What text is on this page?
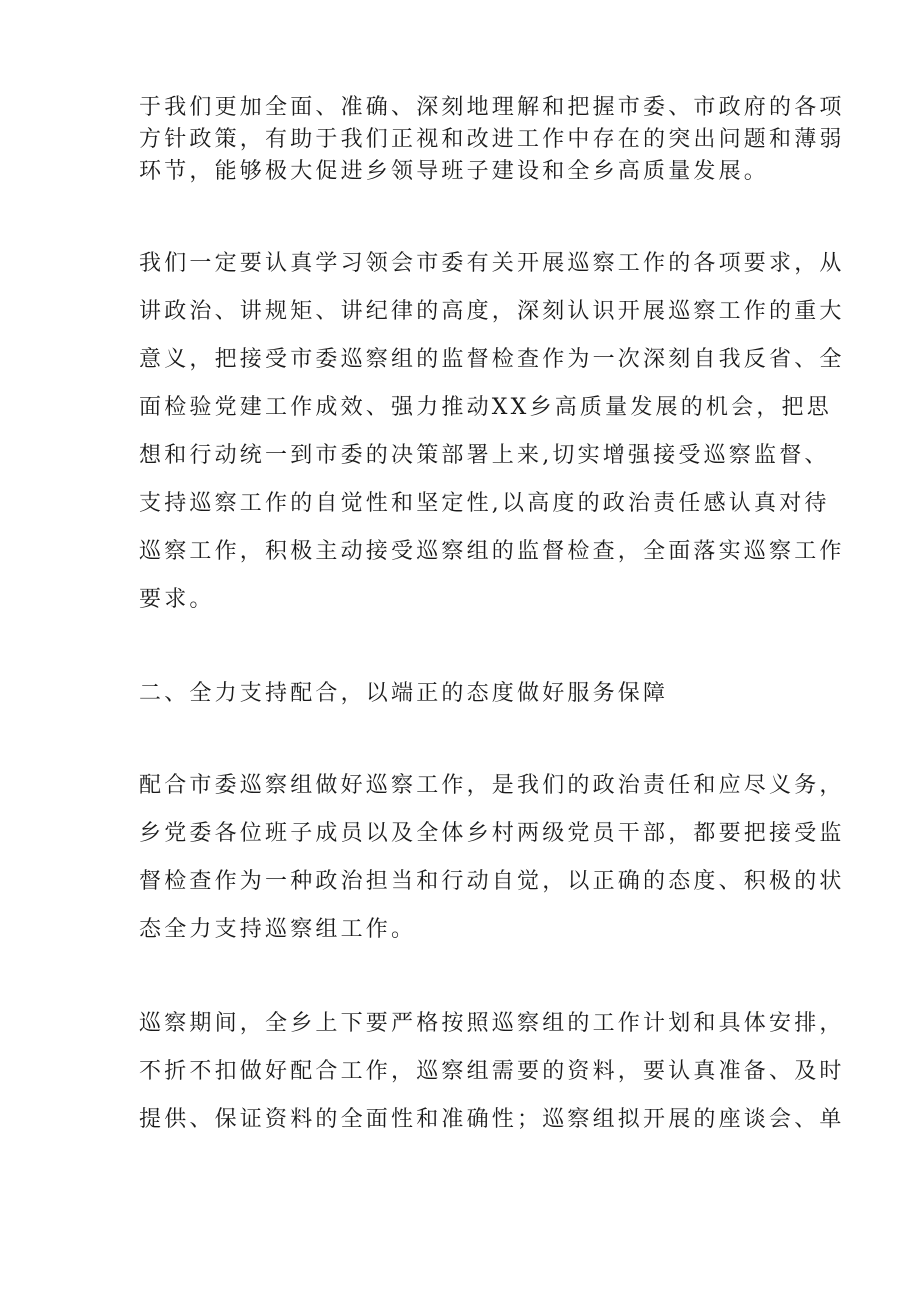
于我们更加全面、准确、深刻地理解和把握市委、市政府的各项
方针政策，有助于我们正视和改进工作中存在的突出问题和薄弱
环节，能够极大促进乡领导班子建设和全乡高质量发展。
我们一定要认真学习领会市委有关开展巡察工作的各项要求，从
讲政治、讲规矩、讲纪律的高度，深刻认识开展巡察工作的重大
意义，把接受市委巡察组的监督检查作为一次深刻自我反省、全
面检验党建工作成效、强力推动XX乡高质量发展的机会，把思
想和行动统一到市委的决策部署上来,切实增强接受巡察监督、
支持巡察工作的自觉性和坚定性,以高度的政治责任感认真对待
巡察工作，积极主动接受巡察组的监督检查，全面落实巡察工作
要求。
二、全力支持配合，以端正的态度做好服务保障
配合市委巡察组做好巡察工作，是我们的政治责任和应尽义务，
乡党委各位班子成员以及全体乡村两级党员干部，都要把接受监
督检查作为一种政治担当和行动自觉，以正确的态度、积极的状
态全力支持巡察组工作。
巡察期间，全乡上下要严格按照巡察组的工作计划和具体安排，
不折不扣做好配合工作，巡察组需要的资料，要认真准备、及时
提供、保证资料的全面性和准确性；巡察组拟开展的座谈会、单
